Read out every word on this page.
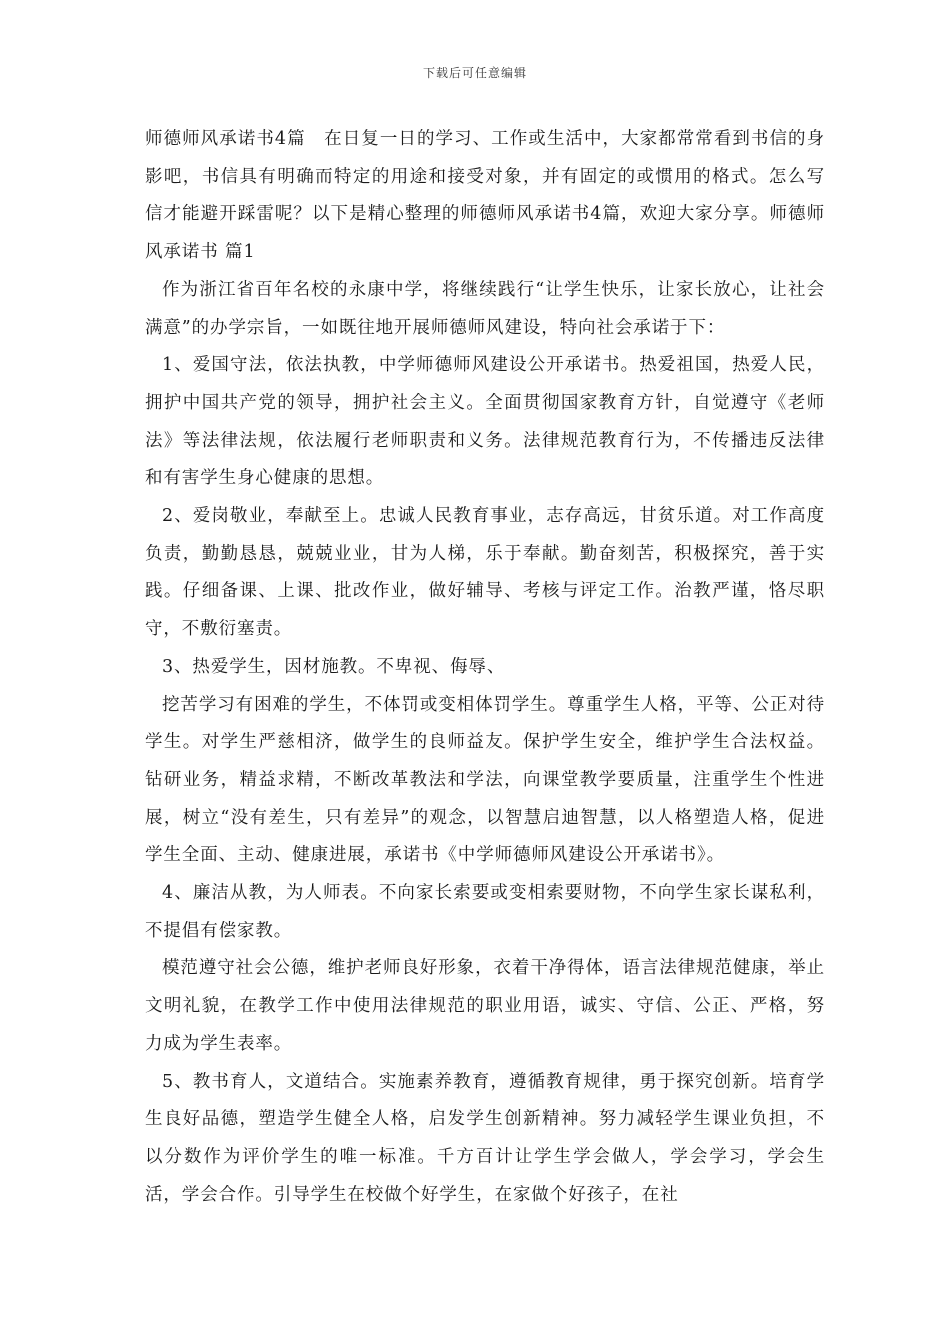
下载后可任意编辑

师德师风承诺书4篇　在日复一日的学习、工作或生活中，大家都常常看到书信的身影吧，书信具有明确而特定的用途和接受对象，并有固定的或惯用的格式。怎么写信才能避开踩雷呢？以下是精心整理的师德师风承诺书4篇，欢迎大家分享。师德师风承诺书 篇1

作为浙江省百年名校的永康中学，将继续践行“让学生快乐，让家长放心，让社会满意”的办学宗旨，一如既往地开展师德师风建设，特向社会承诺于下：

1、爱国守法，依法执教，中学师德师风建设公开承诺书。热爱祖国，热爱人民，拥护中国共产党的领导，拥护社会主义。全面贯彻国家教育方针，自觉遵守《老师法》等法律法规，依法履行老师职责和义务。法律规范教育行为，不传播违反法律和有害学生身心健康的思想。

2、爱岗敬业，奉献至上。忠诚人民教育事业，志存高远，甘贫乐道。对工作高度负责，勤勤恳恳，兢兢业业，甘为人梯，乐于奉献。勤奋刻苦，积极探究，善于实践。仔细备课、上课、批改作业，做好辅导、考核与评定工作。治教严谨，恪尽职守，不敷衍塞责。

3、热爱学生，因材施教。不卑视、侮辱、

挖苦学习有困难的学生，不体罚或变相体罚学生。尊重学生人格，平等、公正对待学生。对学生严慈相济，做学生的良师益友。保护学生安全，维护学生合法权益。钻研业务，精益求精，不断改革教法和学法，向课堂教学要质量，注重学生个性进展，树立“没有差生，只有差异”的观念，以智慧启迪智慧，以人格塑造人格，促进学生全面、主动、健康进展，承诺书《中学师德师风建设公开承诺书》。

4、廉洁从教，为人师表。不向家长索要或变相索要财物，不向学生家长谋私利，不提倡有偿家教。

模范遵守社会公德，维护老师良好形象，衣着干净得体，语言法律规范健康，举止文明礼貌，在教学工作中使用法律规范的职业用语，诚实、守信、公正、严格，努力成为学生表率。

5、教书育人，文道结合。实施素养教育，遵循教育规律，勇于探究创新。培育学生良好品德，塑造学生健全人格，启发学生创新精神。努力减轻学生课业负担，不以分数作为评价学生的唯一标准。千方百计让学生学会做人，学会学习，学会生活，学会合作。引导学生在校做个好学生，在家做个好孩子，在社
